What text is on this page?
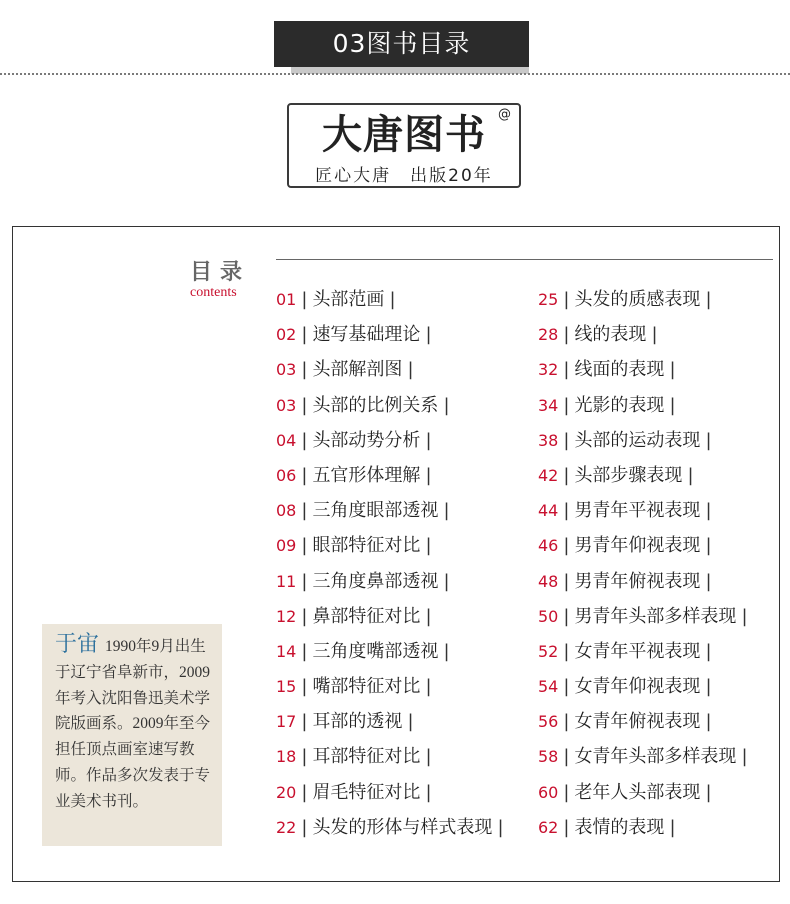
03图书目录
大唐图书 @
匠心大唐　出版20年
目录
contents 01 | 头部范画 |
02 | 速写基础理论 |
03 | 头部解剖图 |
03 | 头部的比例关系 |
04 | 头部动势分析 |
06 | 五官形体理解 |
08 | 三角度眼部透视 |
09 | 眼部特征对比 |
11 | 三角度鼻部透视 |
12 | 鼻部特征对比 |
14 | 三角度嘴部透视 |
15 | 嘴部特征对比 |
17 | 耳部的透视 |
18 | 耳部特征对比 |
20 | 眉毛特征对比 |
22 | 头发的形体与样式表现 |
25 | 头发的质感表现 |
28 | 线的表现 |
32 | 线面的表现 |
34 | 光影的表现 |
38 | 头部的运动表现 |
42 | 头部步骤表现 |
44 | 男青年平视表现 |
46 | 男青年仰视表现 |
48 | 男青年俯视表现 |
50 | 男青年头部多样表现 |
52 | 女青年平视表现 |
54 | 女青年仰视表现 |
56 | 女青年俯视表现 |
58 | 女青年头部多样表现 |
60 | 老年人头部表现 |
62 | 表情的表现 |
于宙 1990年9月出生于辽宁省阜新市，2009年考入沈阳鲁迅美术学院版画系。2009年至今担任顶点画室速写教师。作品多次发表于专业美术书刊。
